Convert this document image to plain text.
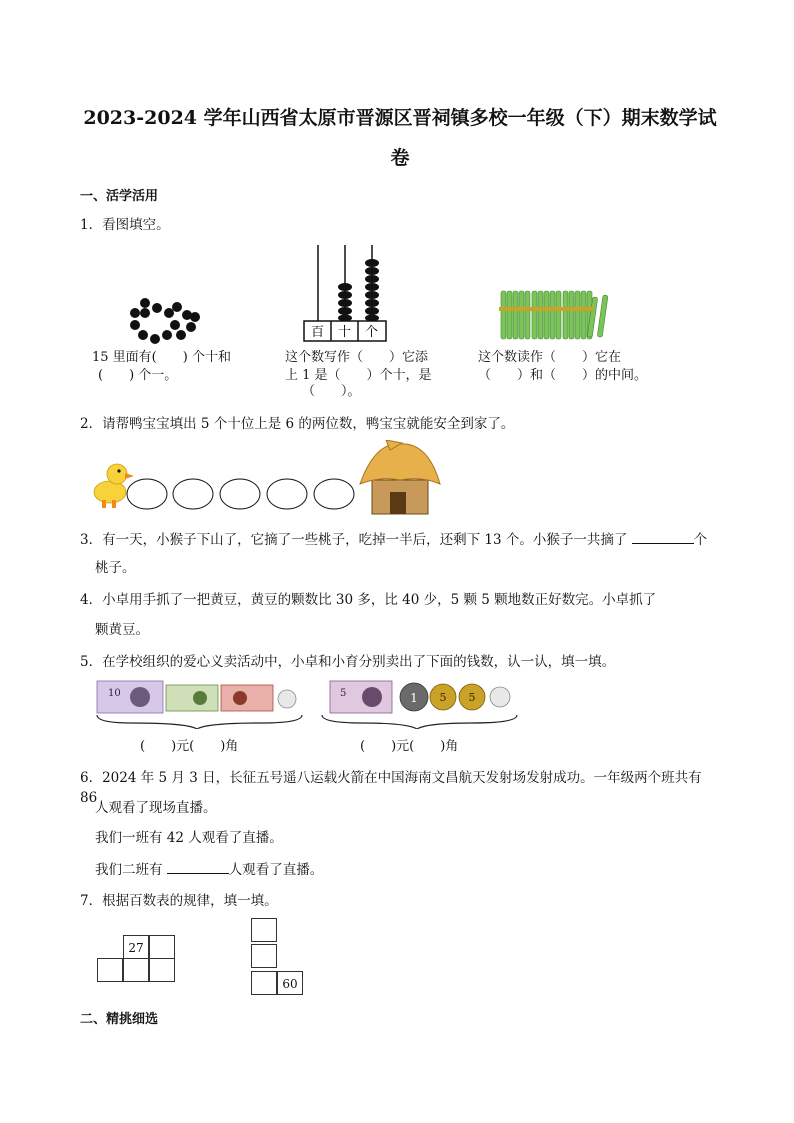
2023-2024 学年山西省太原市晋源区晋祠镇多校一年级（下）期末数学试
卷
一、活学活用
1．看图填空。
百 十 个
15 里面有(　　) 个十和
(　　) 个一。
这个数写作（　　）它添
上 1 是（　　）个十，是
（　　）。
这个数读作（　　）它在
（　　）和（　　）的中间。
2．请帮鸭宝宝填出 5 个十位上是 6 的两位数，鸭宝宝就能安全到家了。
3．有一天，小猴子下山了，它摘了一些桃子，吃掉一半后，还剩下 13 个。小猴子一共摘了	个
桃子。
4．小卓用手抓了一把黄豆，黄豆的颗数比 30 多，比 40 少，5 颗 5 颗地数正好数完。小卓抓了
颗黄豆。
5．在学校组织的爱心义卖活动中，小卓和小育分别卖出了下面的钱数，认一认，填一填。
10	5	1 5 5
(　　)元(　　)角	(　　)元(　　)角
6．2024 年 5 月 3 日，长征五号遥八运载火箭在中国海南文昌航天发射场发射成功。一年级两个班共有 86
人观看了现场直播。
我们一班有 42 人观看了直播。
我们二班有	人观看了直播。
7．根据百数表的规律，填一填。
27
60
二、精挑细选
